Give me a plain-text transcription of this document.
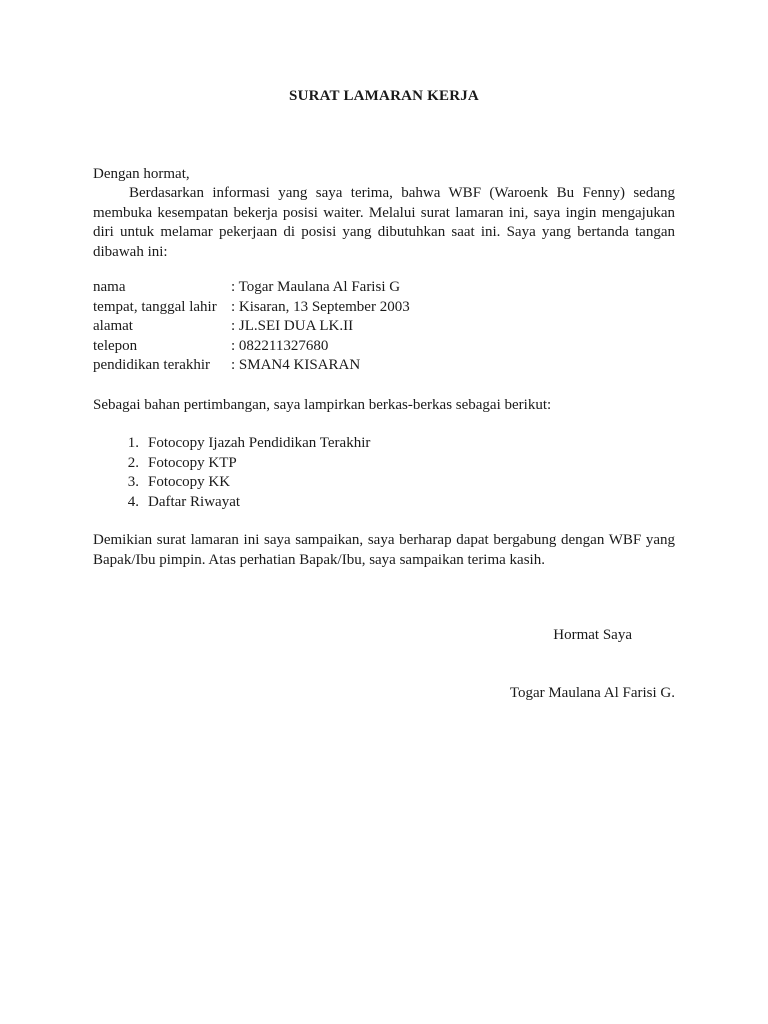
SURAT LAMARAN KERJA
Dengan hormat,
Berdasarkan informasi yang saya terima, bahwa WBF (Waroenk Bu Fenny) sedang membuka kesempatan bekerja posisi waiter. Melalui surat lamaran ini, saya ingin mengajukan diri untuk melamar pekerjaan di posisi yang dibutuhkan saat ini. Saya yang bertanda tangan dibawah ini:
nama	: Togar Maulana Al Farisi G
tempat, tanggal lahir : Kisaran, 13 September 2003
alamat	: JL.SEI DUA LK.II
telepon	: 082211327680
pendidikan terakhir	: SMAN4 KISARAN
Sebagai bahan pertimbangan, saya lampirkan berkas-berkas sebagai berikut:
1. Fotocopy Ijazah Pendidikan Terakhir
2. Fotocopy KTP
3. Fotocopy KK
4. Daftar Riwayat
Demikian surat lamaran ini saya sampaikan, saya berharap dapat bergabung dengan WBF yang Bapak/Ibu pimpin. Atas perhatian Bapak/Ibu, saya sampaikan terima kasih.
Hormat Saya
Togar Maulana Al Farisi G.
